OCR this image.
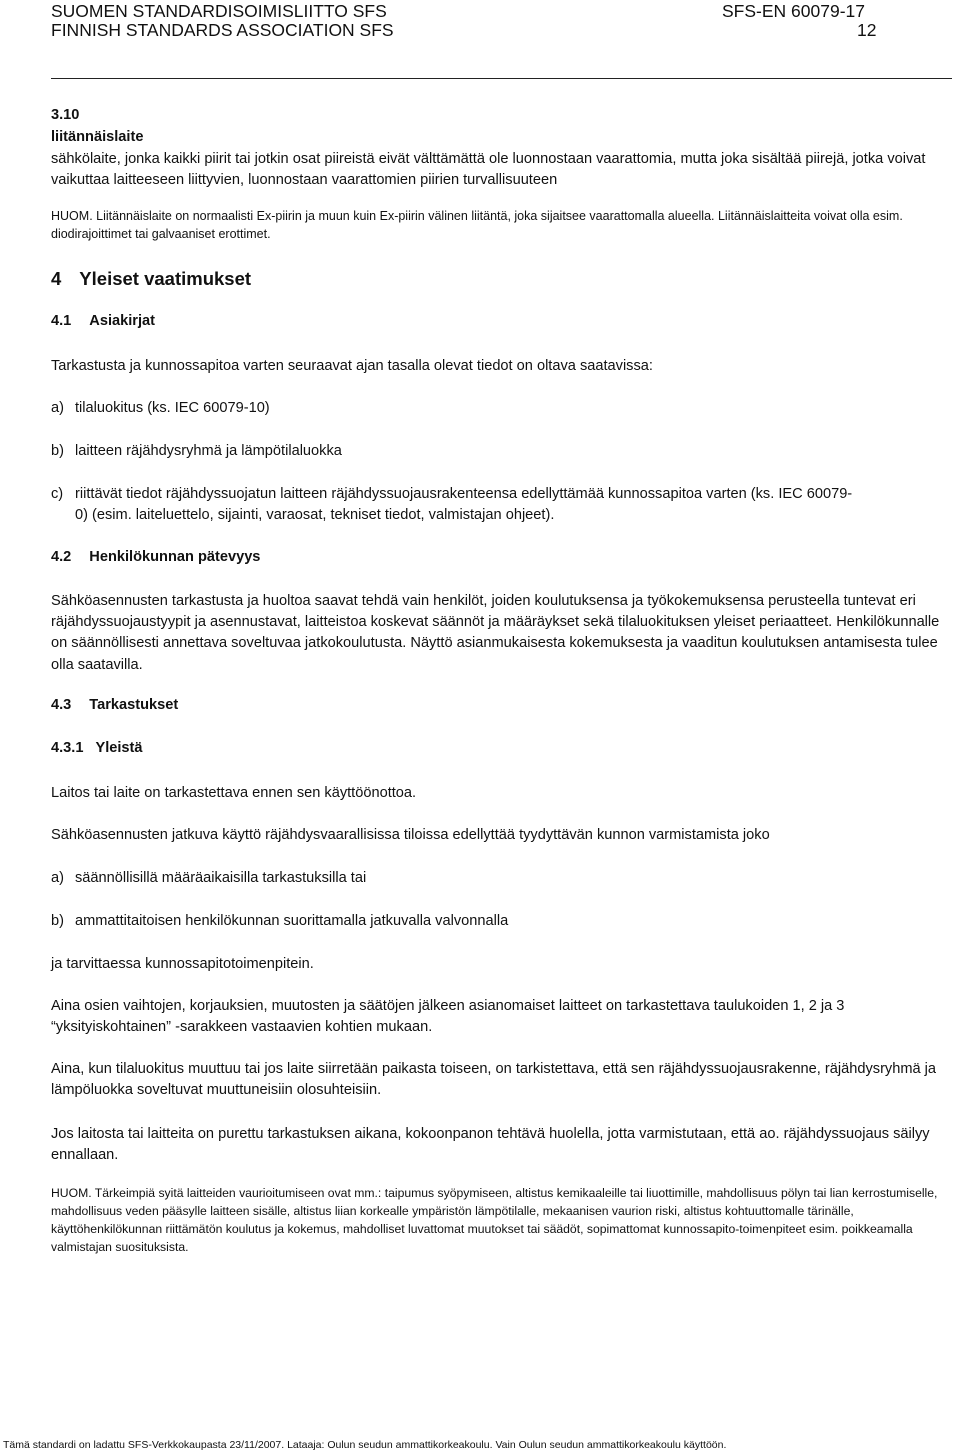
SUOMEN STANDARDISOIMISLIITTO SFS
FINNISH STANDARDS ASSOCIATION SFS
SFS-EN 60079-17
12
3.10
liitännäislaite
sähkölaite, jonka kaikki piirit tai jotkin osat piireistä eivät välttämättä ole luonnostaan vaarattomia, mutta joka sisältää piirejä, jotka voivat vaikuttaa laitteeseen liittyvien, luonnostaan vaarattomien piirien turvallisuuteen
HUOM. Liitännäislaite on normaalisti Ex-piirin ja muun kuin Ex-piirin välinen liitäntä, joka sijaitsee vaarattomalla alueella. Liitännäislaitteita voivat olla esim. diodirajoittimet tai galvaaniset erottimet.
4 Yleiset vaatimukset
4.1 Asiakirjat
Tarkastusta ja kunnossapitoa varten seuraavat ajan tasalla olevat tiedot on oltava saatavissa:
a) tilaluokitus (ks. IEC 60079-10)
b) laitteen räjähdysryhmä ja lämpötilaluokka
c) riittävät tiedot räjähdyssuojatun laitteen räjähdyssuojausrakenteensa edellyttämää kunnossapitoa varten (ks. IEC 60079-0) (esim. laiteluettelo, sijainti, varaosat, tekniset tiedot, valmistajan ohjeet).
4.2 Henkilökunnan pätevyys
Sähköasennusten tarkastusta ja huoltoa saavat tehdä vain henkilöt, joiden koulutuksensa ja työkokemuksensa perusteella tuntevat eri räjähdyssuojaustyypit ja asennustavat, laitteistoa koskevat säännöt ja määräykset sekä tilaluokituksen yleiset periaatteet. Henkilökunnalle on säännöllisesti annettava soveltuvaa jatkokoulutusta. Näyttö asianmukaisesta kokemuksesta ja vaaditun koulutuksen antamisesta tulee olla saatavilla.
4.3 Tarkastukset
4.3.1 Yleistä
Laitos tai laite on tarkastettava ennen sen käyttöönottoa.
Sähköasennusten jatkuva käyttö räjähdysvaarallisissa tiloissa edellyttää tyydyttävän kunnon varmistamista joko
a) säännöllisillä määräaikaisilla tarkastuksilla tai
b) ammattitaitoisen henkilökunnan suorittamalla jatkuvalla valvonnalla
ja tarvittaessa kunnossapitotoimenpitein.
Aina osien vaihtojen, korjauksien, muutosten ja säätöjen jälkeen asianomaiset laitteet on tarkastettava taulukoiden 1, 2 ja 3 “yksityiskohtainen” -sarakkeen vastaavien kohtien mukaan.
Aina, kun tilaluokitus muuttuu tai jos laite siirretään paikasta toiseen, on tarkistettava, että sen räjähdyssuojausrakenne, räjähdysryhmä ja lämpöluokka soveltuvat muuttuneisiin olosuhteisiin.
Jos laitosta tai laitteita on purettu tarkastuksen aikana, kokoonpanon tehtävä huolella, jotta varmistutaan, että ao. räjähdyssuojaus säilyy ennallaan.
HUOM. Tärkeimpiä syitä laitteiden vaurioitumiseen ovat mm.: taipumus syöpymiseen, altistus kemikaaleille tai liuottimille, mahdollisuus pölyn tai lian kerrostumiselle, mahdollisuus veden pääsylle laitteen sisälle, altistus liian korkealle ympäristön lämpötilalle, mekaanisen vaurion riski, altistus kohtuuttomalle tärinälle, käyttöhenkilökunnan riittämätön koulutus ja kokemus, mahdolliset luvattomat muutokset tai säädöt, sopimattomat kunnossapito-toimenpiteet esim. poikkeamalla valmistajan suosituksista.
Tämä standardi on ladattu SFS-Verkkokaupasta 23/11/2007. Lataaja: Oulun seudun ammattikorkeakoulu. Vain Oulun seudun ammattikorkeakoulu käyttöön.
